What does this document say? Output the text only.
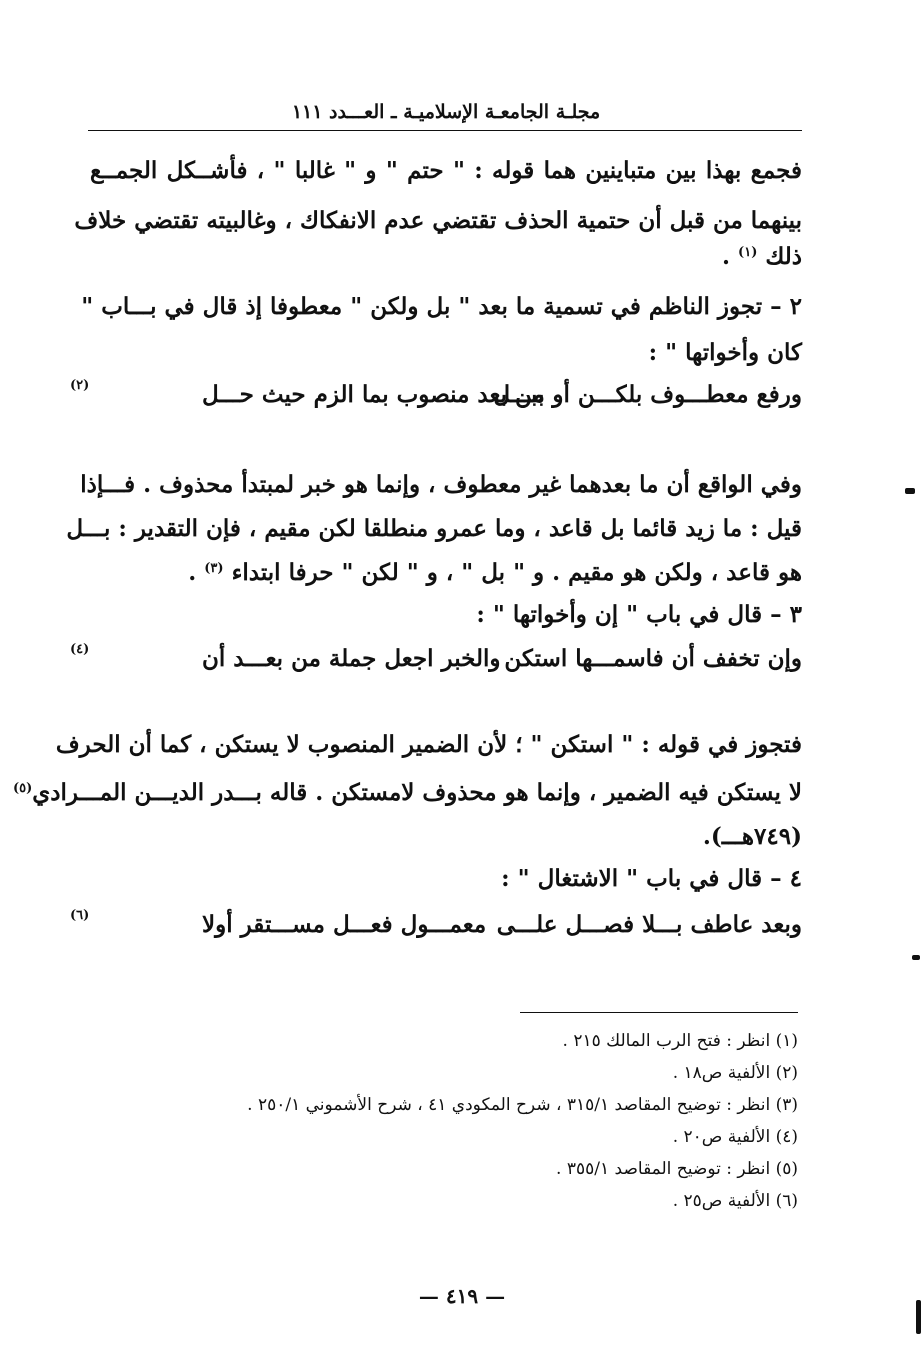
مجلـة الجامعـة الإسلاميـة ـ العـــدد ١١١
فجمع بهذا بين متباينين هما قوله : " حتم " و " غالبا " ، فأشــكل الجمــع
بينهما من قبل أن حتمية الحذف تقتضي عدم الانفكاك ، وغالبيته تقتضي خلاف
ذلك $^{(١)}$ .
٢ – تجوز الناظم في تسمية ما بعد " بل ولكن " معطوفا إذ قال في بـــاب "
كان وأخواتها " :
ورفع معطـــوف بلكـــن أو ببـــل
من بعد منصوب بما الزم حيث حـــل
(٢)
وفي الواقع أن ما بعدهما غير معطوف ، وإنما هو خبر لمبتدأ محذوف . فـــإذا
قيل : ما زيد قائما بل قاعد ، وما عمرو منطلقا لكن مقيم ، فإن التقدير : بـــل
هو قاعد ، ولكن هو مقيم . و " بل " ، و " لكن " حرفا ابتداء $^{(٣)}$ .
٣ – قال في باب " إن وأخواتها " :
وإن تخفف أن فاسمـــها استكن
والخبر اجعل جملة من بعـــد أن
(٤)
فتجوز في قوله : " استكن " ؛ لأن الضمير المنصوب لا يستكن ، كما أن الحرف
لا يستكن فيه الضمير ، وإنما هو محذوف لامستكن . قاله بـــدر الديـــن المـــرادي$^{(٥)}$
(٧٤٩هـــ).
٤ – قال في باب " الاشتغال " :
وبعد عاطف بـــلا فصـــل علـــى
معمـــول فعـــل مســـتقر أولا
(٦)
(١) انظر : فتح الرب المالك ٢١٥ .
(٢) الألفية ص١٨ .
(٣) انظر : توضيح المقاصد ٣١٥/١ ، شرح المكودي ٤١ ، شرح الأشموني ٢٥٠/١ .
(٤) الألفية ص٢٠ .
(٥) انظر : توضيح المقاصد ٣٥٥/١ .
(٦) الألفية ص٢٥ .
— ٤١٩ —
